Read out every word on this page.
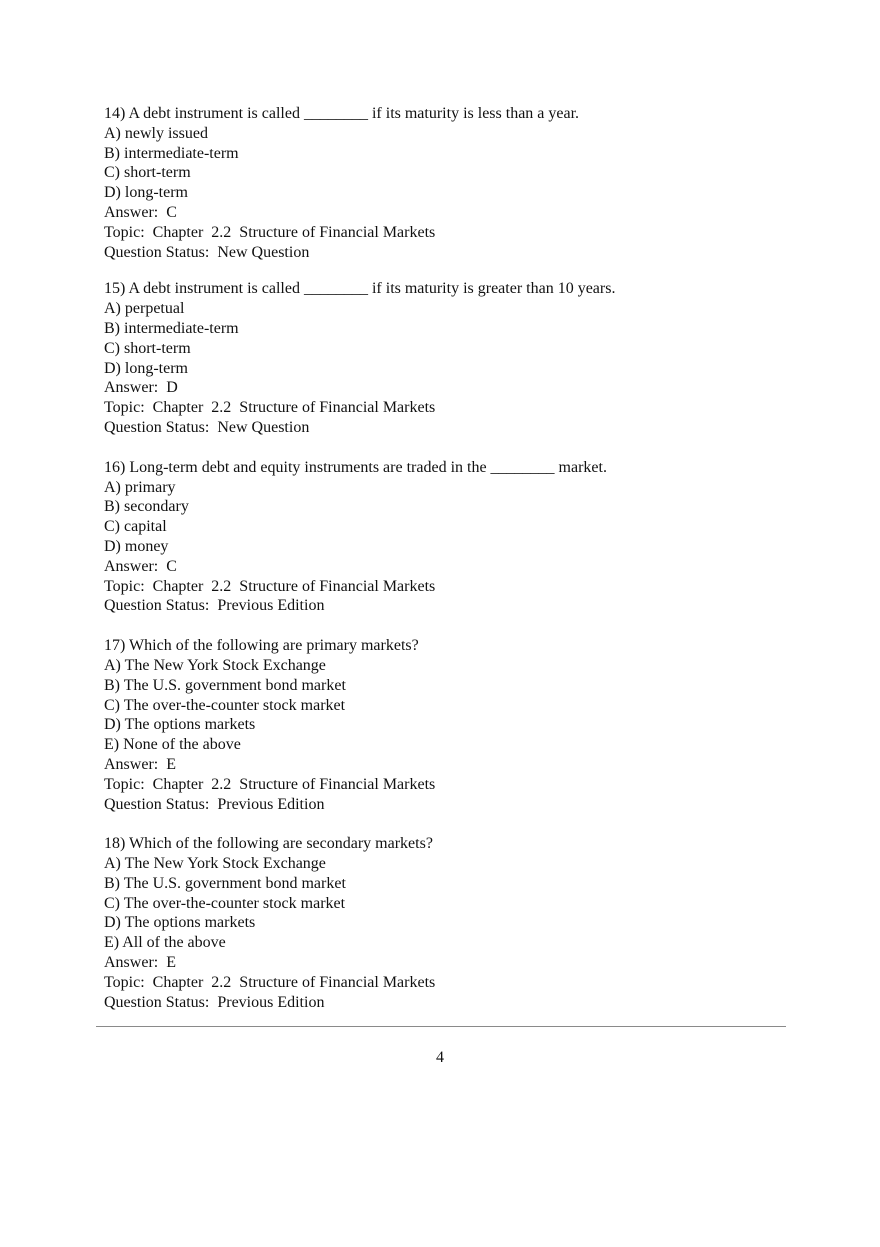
14) A debt instrument is called ________ if its maturity is less than a year.

A) newly issued

B) intermediate-term

C) short-term

D) long-term

Answer:  C

Topic:  Chapter  2.2  Structure of Financial Markets

Question Status:  New Question

15) A debt instrument is called ________ if its maturity is greater than 10 years.

A) perpetual

B) intermediate-term

C) short-term

D) long-term

Answer:  D

Topic:  Chapter  2.2  Structure of Financial Markets

Question Status:  New Question

16) Long-term debt and equity instruments are traded in the ________ market.

A) primary

B) secondary

C) capital

D) money

Answer:  C

Topic:  Chapter  2.2  Structure of Financial Markets

Question Status:  Previous Edition

17) Which of the following are primary markets?

A) The New York Stock Exchange

B) The U.S. government bond market

C) The over-the-counter stock market

D) The options markets

E) None of the above

Answer:  E

Topic:  Chapter  2.2  Structure of Financial Markets

Question Status:  Previous Edition

18) Which of the following are secondary markets?

A) The New York Stock Exchange

B) The U.S. government bond market

C) The over-the-counter stock market

D) The options markets

E) All of the above

Answer:  E

Topic:  Chapter  2.2  Structure of Financial Markets

Question Status:  Previous Edition

4
